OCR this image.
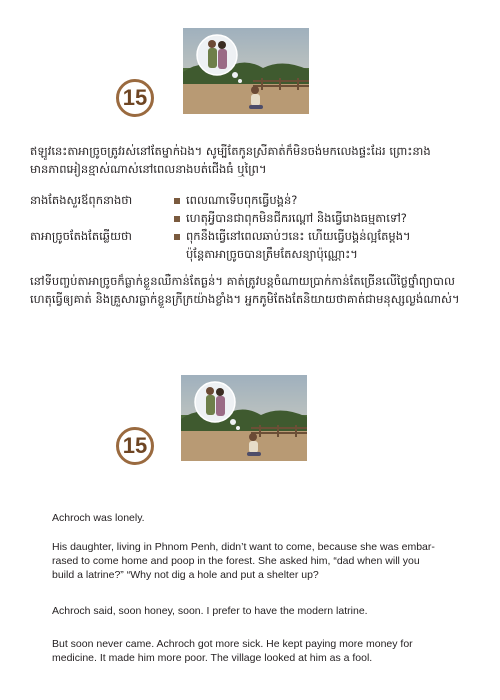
15
ឥឡូវនេះតាអាច្រូចត្រូវរស់នៅតែម្នាក់ឯង។ សូម្បីតែកូនស្រីគាត់ក៏មិនចង់មកលេងផ្ទះដែរ ព្រោះនាង
មានភាពអៀនខ្មាស់ណាស់នៅពេលនាងបត់ជើងធំ ឬព្រៃ។
នាងតែងសួរឪពុកនាងថា	ពេលណាទើបពុកធ្វើបង្គន់?
ហេតុអ្វីបានជាពុកមិនជីករណ្ដៅ និងធ្វើរោងធម្មតាទៅ?
តាអាច្រូចតែងតែឆ្លើយថា	ពុកនឹងធ្វើនៅពេលឆាប់ៗនេះ ហើយធ្វើបង្គន់ល្អតែម្ដង។
ប៉ុន្តែតាអាច្រូចបានត្រឹមតែសន្យាប៉ុណ្ណោះ។
នៅទីបញ្ចប់តាអាច្រូចក៏ធ្លាក់ខ្លួនឈឺកាន់តែធ្ងន់។ គាត់ត្រូវបន្តចំណាយប្រាក់កាន់តែច្រើនលើថ្លៃថ្នាំព្យាបាល
ហេតុធ្វើឲ្យគាត់ និងគ្រួសារធ្លាក់ខ្លួនក្រីក្រយ៉ាងខ្លាំង។ អ្នកភូមិតែងតែនិយាយថាគាត់ជាមនុស្សល្ងង់ណាស់។
15
Achroch was lonely.
His daughter, living in Phnom Penh, didn’t want to come, because she was embar-
rased to come home and poop in the forest. She asked him, “dad when will you
build a latrine?” “Why not dig a hole and put a shelter up?
Achroch said, soon honey, soon. I prefer to have the modern latrine.
But soon never came. Achroch got more sick. He kept paying more money for
medicine. It made him more poor. The village looked at him as a fool.
